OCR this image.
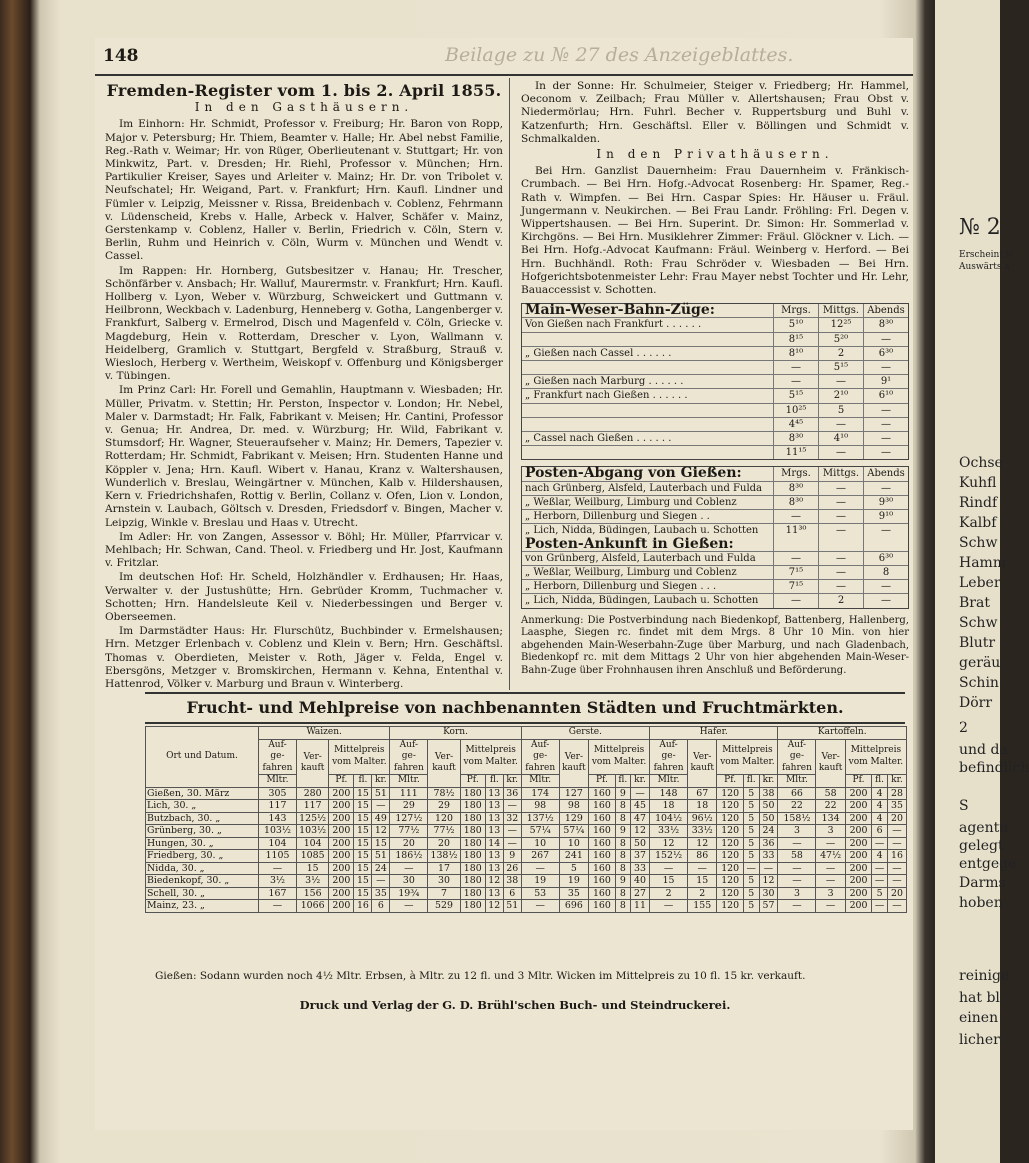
148	Beilage zu № 27 des Anzeigeblattes.
Fremden-Register vom 1. bis 2. April 1855.
In den Gasthäusern.

Im Einhorn: Hr. Schmidt, Professor v. Freiburg; Hr. Baron von Ropp, Major v. Petersburg; Hr. Thiem, Beamter v. Halle; Hr. Abel nebst Familie, Reg.-Rath v. Weimar; Hr. von Rüger, Oberlieutenant v. Stuttgart; Hr. von Minkwitz, Part. v. Dresden; Hr. Riehl, Professor v. München; Hrn. Partikulier Kreiser, Sayes und Arleiter v. Mainz; Hr. Dr. von Tribolet v. Neufschatel; Hr. Weigand, Part. v. Frankfurt; Hrn. Kaufl. Lindner und Fümler v. Leipzig, Meissner v. Rissa, Breidenbach v. Coblenz, Fehrmann v. Lüdenscheid, Krebs v. Halle, Arbeck v. Halver, Schäfer v. Mainz, Gerstenkamp v. Coblenz, Haller v. Berlin, Friedrich v. Cöln, Stern v. Berlin, Ruhm und Heinrich v. Cöln, Wurm v. München und Wendt v. Cassel.

Im Rappen: Hr. Hornberg, Gutsbesitzer v. Hanau; Hr. Trescher, Schönfärber v. Ansbach; Hr. Walluf, Maurermstr. v. Frankfurt; Hrn. Kaufl. Hollberg v. Lyon, Weber v. Würzburg, Schweickert und Guttmann v. Heilbronn, Weckbach v. Ladenburg, Henneberg v. Gotha, Langenberger v. Frankfurt, Salberg v. Ermelrod, Disch und Magenfeld v. Cöln, Griecke v. Magdeburg, Hein v. Rotterdam, Drescher v. Lyon, Wallmann v. Heidelberg, Gramlich v. Stuttgart, Bergfeld v. Straßburg, Strauß v. Wiesloch, Herberg v. Wertheim, Weiskopf v. Offenburg und Königsberger v. Tübingen.

Im Prinz Carl: Hr. Forell und Gemahlin, Hauptmann v. Wiesbaden; Hr. Müller, Privatm. v. Stettin; Hr. Perston, Inspector v. London; Hr. Nebel, Maler v. Darmstadt; Hr. Falk, Fabrikant v. Meisen; Hr. Cantini, Professor v. Genua; Hr. Andrea, Dr. med. v. Würzburg; Hr. Wild, Fabrikant v. Stumsdorf; Hr. Wagner, Steueraufseher v. Mainz; Hr. Demers, Tapezier v. Rotterdam; Hr. Schmidt, Fabrikant v. Meisen; Hrn. Studenten Hanne und Köppler v. Jena; Hrn. Kaufl. Wibert v. Hanau, Kranz v. Waltershausen, Wunderlich v. Breslau, Weingärtner v. München, Kalb v. Hildershausen, Kern v. Friedrichshafen, Rottig v. Berlin, Collanz v. Ofen, Lion v. London, Arnstein v. Laubach, Göltsch v. Dresden, Friedsdorf v. Bingen, Macher v. Leipzig, Winkle v. Breslau und Haas v. Utrecht.

Im Adler: Hr. von Zangen, Assessor v. Böhl; Hr. Müller, Pfarrvicar v. Mehlbach; Hr. Schwan, Cand. Theol. v. Friedberg und Hr. Jost, Kaufmann v. Fritzlar.

Im deutschen Hof: Hr. Scheld, Holzhändler v. Erdhausen; Hr. Haas, Verwalter v. der Justushütte; Hrn. Gebrüder Kromm, Tuchmacher v. Schotten; Hrn. Handelsleute Keil v. Niederbessingen und Berger v. Oberseemen.

Im Darmstädter Haus: Hr. Flurschütz, Buchbinder v. Ermelshausen; Hrn. Metzger Erlenbach v. Coblenz und Klein v. Bern; Hrn. Geschäftsl. Thomas v. Oberdieten, Meister v. Roth, Jäger v. Felda, Engel v. Ebersgöns, Metzger v. Bromskirchen, Hermann v. Kehna, Ententhal v. Hattenrod, Völker v. Marburg und Braun v. Winterberg.

In der Sonne: Hr. Schulmeier, Steiger v. Friedberg; Hr. Hammel, Oeconom v. Zeilbach; Frau Müller v. Allertshausen; Frau Obst v. Niedermörlau; Hrn. Fuhrl. Becher v. Ruppertsburg und Buhl v. Katzenfurth; Hrn. Geschäftsl. Eller v. Böllingen und Schmidt v. Schmalkalden.

In den Privathäusern.

Bei Hrn. Ganzlist Dauernheim: Frau Dauernheim v. Fränkisch-Crumbach. — Bei Hrn. Hofg.-Advocat Rosenberg: Hr. Spamer, Reg.-Rath v. Wimpfen. — Bei Hrn. Caspar Spies: Hr. Häuser u. Fräul. Jungermann v. Neukirchen. — Bei Frau Landr. Fröhling: Frl. Degen v. Wippertshausen. — Bei Hrn. Superint. Dr. Simon: Hr. Sommerlad v. Kirchgöns. — Bei Hrn. Musiklehrer Zimmer: Fräul. Glöckner v. Lich. — Bei Hrn. Hofg.-Advocat Kaufmann: Fräul. Weinberg v. Herford. — Bei Hrn. Buchhändl. Roth: Frau Schröder v. Wiesbaden — Bei Hrn. Hofgerichtsbotenmeister Lehr: Frau Mayer nebst Tochter und Hr. Lehr, Bauaccessist v. Schotten.

Main-Weser-Bahn-Züge:	Mrgs.	Mittgs. Abends
Von Gießen nach Frankfurt . . . . . .	5¹⁰	12²⁵	8³⁰
8¹⁵	5²⁰	—
„ Gießen nach Cassel . . . . . .	8¹⁰	2	6³⁰
—	5¹⁵	—
„ Gießen nach Marburg . . . . . .	—	—	9¹
„ Frankfurt nach Gießen . . . . . .	5¹⁵	2¹⁰	6¹⁰
10²⁵	5	—
4⁴⁵	—	—
„ Cassel nach Gießen . . . . . .	8³⁰	4¹⁰	—
11¹⁵	—	—
Posten-Abgang von Gießen:	Mrgs.	Mittgs. Abends
nach Grünberg, Alsfeld, Lauterbach und Fulda	8³⁰	—	—
„ Weßlar, Weilburg, Limburg und Coblenz	8³⁰	—	9³⁰
„ Herborn, Dillenburg und Siegen . .	—	—	9¹⁰
„ Lich, Nidda, Büdingen, Laubach u. Schotten	11³⁰	—	—
Posten-Ankunft in Gießen:
von Grünberg, Alsfeld, Lauterbach und Fulda	—	—	6³⁰
„ Weßlar, Weilburg, Limburg und Coblenz	7¹⁵	—	8
„ Herborn, Dillenburg und Siegen . . .	7¹⁵	—	—
„ Lich, Nidda, Büdingen, Laubach u. Schotten	—	2	—
Anmerkung: Die Postverbindung nach Biedenkopf, Battenberg, Hallenberg, Laasphe, Siegen rc. findet mit dem Mrgs. 8 Uhr 10 Min. von hier abgehenden Main-Weserbahn-Zuge über Marburg, und nach Gladenbach, Biedenkopf rc. mit dem Mittags 2 Uhr von hier abgehenden Main-Weser-Bahn-Zuge über Frohnhausen ihren Anschluß und Beförderung.
Frucht- und Mehlpreise von nachbenannten Städten und Fruchtmärkten.
Ort und Datum.	Waizen.					Korn.					Gerste.					Hafer.					Kartoffeln.				
	Auf- ge- fahren	Ver- kauft	Mittelpreis vom Malter.			Auf- ge- fahren	Ver- kauft	Mittelpreis vom Malter.			Auf- ge- fahren	Ver- kauft	Mittelpreis vom Malter.			Auf- ge- fahren	Ver- kauft	Mittelpreis vom Malter.			Auf- ge- fahren	Ver- kauft	Mittelpreis vom Malter.		
	Mltr.		Pf.	fl.	kr.	Mltr.		Pf.	fl.	kr.	Mltr.		Pf.	fl.	kr.	Mltr.		Pf.	fl.	kr.	Mltr.		Pf.	fl.	kr.
Gießen, 30. März	305	280	200	15	51	111	78½	180	13	36	174	127	160	9	—	148	67	120	5	38	66	58	200	4	28
Lich, 30. „	117	117	200	15	—	29	29	180	13	—	98	98	160	8	45	18	18	120	5	50	22	22	200	4	35
Butzbach, 30. „	143	125½	200	15	49	127½	120	180	13	32	137½	129	160	8	47	104½	96½	120	5	50	158½	134	200	4	20
Grünberg, 30. „	103½	103½	200	15	12	77½	77½	180	13	—	57¼	57¼	160	9	12	33½	33½	120	5	24	3	3	200	6	—
Hungen, 30. „	104	104	200	15	15	20	20	180	14	—	10	10	160	8	50	12	12	120	5	36	—	—	200	—	—
Friedberg, 30. „	1105	1085	200	15	51	186½	138½	180	13	9	267	241	160	8	37	152½	86	120	5	33	58	47½	200	4	16
Nidda, 30. „	—	15	200	15	24	—	17	180	13	26	—	5	160	8	33	—	—	120	—	—	—	—	200	—	—
Biedenkopf, 30. „	3½	3½	200	15	—	30	30	180	12	38	19	19	160	9	40	15	15	120	5	12	—	—	200	—	—
Schell, 30. „	167	156	200	15	35	19¾	7	180	13	6	53	35	160	8	27	2	2	120	5	30	3	3	200	5	20
Mainz, 23. „	—	1066	200	16	6	—	529	180	12	51	—	696	160	8	11	—	155	120	5	57	—	—	200	—	—
Gießen: Sodann wurden noch 4½ Mltr. Erbsen, à Mltr. zu 12 fl. und 3 Mltr. Wicken im Mittelpreis zu 10 fl. 15 kr. verkauft.
Druck und Verlag der G. D. Brühl'schen Buch- und Steindruckerei.
№ 2
Erscheint w
Auswärts a
Ochse
Kuhfl
Rindf
Kalbf
Schw
Hamm
Leber
Brat
Schw
Blutr
geräu
Schin
Dörr
2
und da
befindlich
S
agentu
gelegt
entgege
Darms
hoben
reinige
hat bl
einen
licher
